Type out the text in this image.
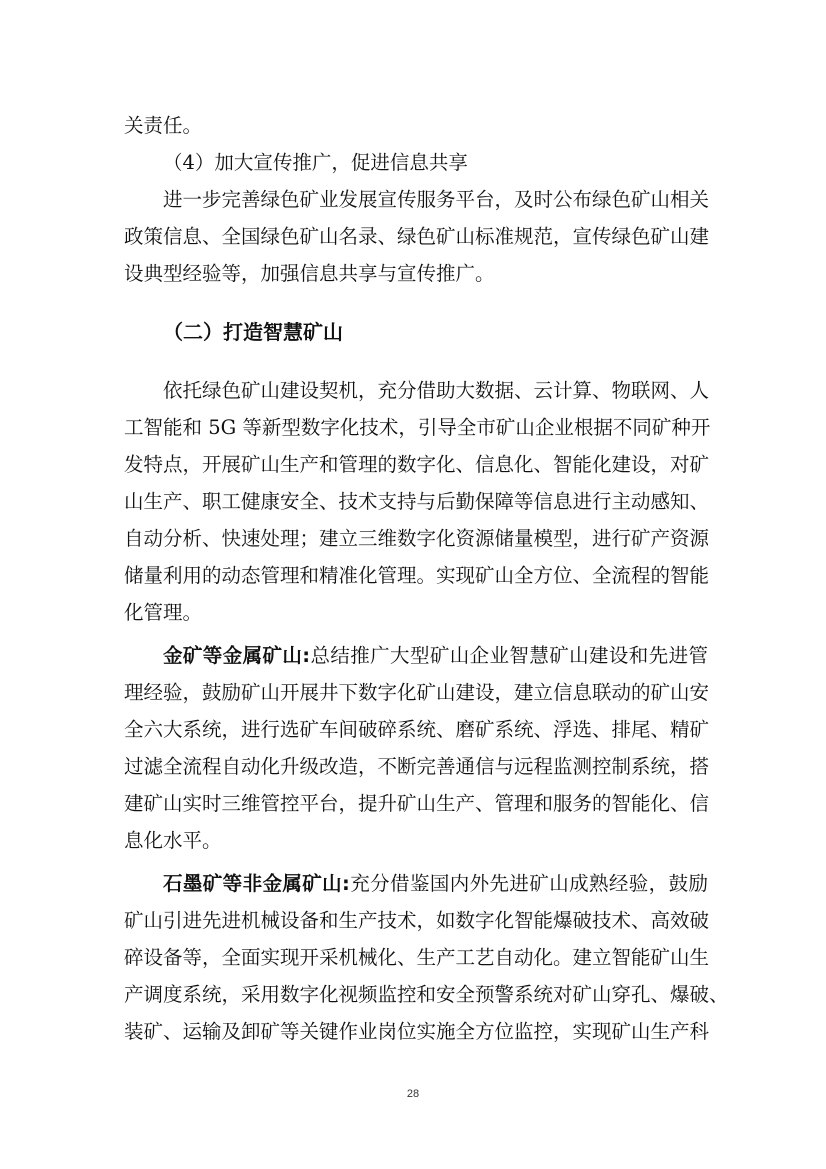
关责任。
（4）加大宣传推广，促进信息共享
进一步完善绿色矿业发展宣传服务平台，及时公布绿色矿山相关
政策信息、全国绿色矿山名录、绿色矿山标准规范，宣传绿色矿山建
设典型经验等，加强信息共享与宣传推广。
（二）打造智慧矿山
依托绿色矿山建设契机，充分借助大数据、云计算、物联网、人
工智能和 5G 等新型数字化技术，引导全市矿山企业根据不同矿种开
发特点，开展矿山生产和管理的数字化、信息化、智能化建设，对矿
山生产、职工健康安全、技术支持与后勤保障等信息进行主动感知、
自动分析、快速处理；建立三维数字化资源储量模型，进行矿产资源
储量利用的动态管理和精准化管理。实现矿山全方位、全流程的智能
化管理。
金矿等金属矿山:总结推广大型矿山企业智慧矿山建设和先进管
理经验，鼓励矿山开展井下数字化矿山建设，建立信息联动的矿山安
全六大系统，进行选矿车间破碎系统、磨矿系统、浮选、排尾、精矿
过滤全流程自动化升级改造，不断完善通信与远程监测控制系统，搭
建矿山实时三维管控平台，提升矿山生产、管理和服务的智能化、信
息化水平。
石墨矿等非金属矿山:充分借鉴国内外先进矿山成熟经验，鼓励
矿山引进先进机械设备和生产技术，如数字化智能爆破技术、高效破
碎设备等，全面实现开采机械化、生产工艺自动化。建立智能矿山生
产调度系统，采用数字化视频监控和安全预警系统对矿山穿孔、爆破、
装矿、运输及卸矿等关键作业岗位实施全方位监控，实现矿山生产科
28
